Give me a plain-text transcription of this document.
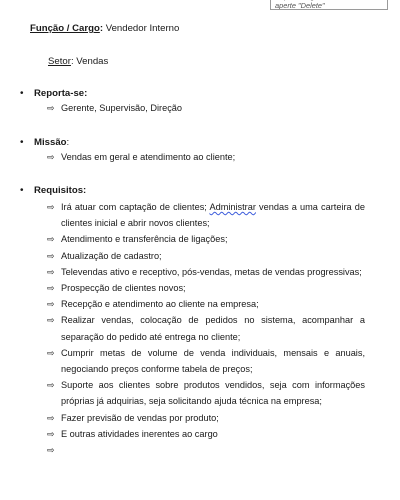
aperte "Delete"
Função / Cargo: Vendedor Interno
Setor: Vendas
• Reporta-se:
⇨ Gerente, Supervisão, Direção
• Missão:
⇨ Vendas em geral e atendimento ao cliente;
• Requisitos:
⇨ Irá atuar com captação de clientes; Administrar vendas a uma carteira de clientes inicial e abrir novos clientes;
⇨ Atendimento e transferência de ligações;
⇨ Atualização de cadastro;
⇨ Televendas ativo e receptivo, pós-vendas, metas de vendas progressivas;
⇨ Prospecção de clientes novos;
⇨ Recepção e atendimento ao cliente na empresa;
⇨ Realizar vendas, colocação de pedidos no sistema, acompanhar a separação do pedido até entrega no cliente;
⇨ Cumprir metas de volume de venda individuais, mensais e anuais, negociando preços conforme tabela de preços;
⇨ Suporte aos clientes sobre produtos vendidos, seja com informações próprias já adquirias, seja solicitando ajuda técnica na empresa;
⇨ Fazer previsão de vendas por produto;
⇨ E outras atividades inerentes ao cargo
⇨
